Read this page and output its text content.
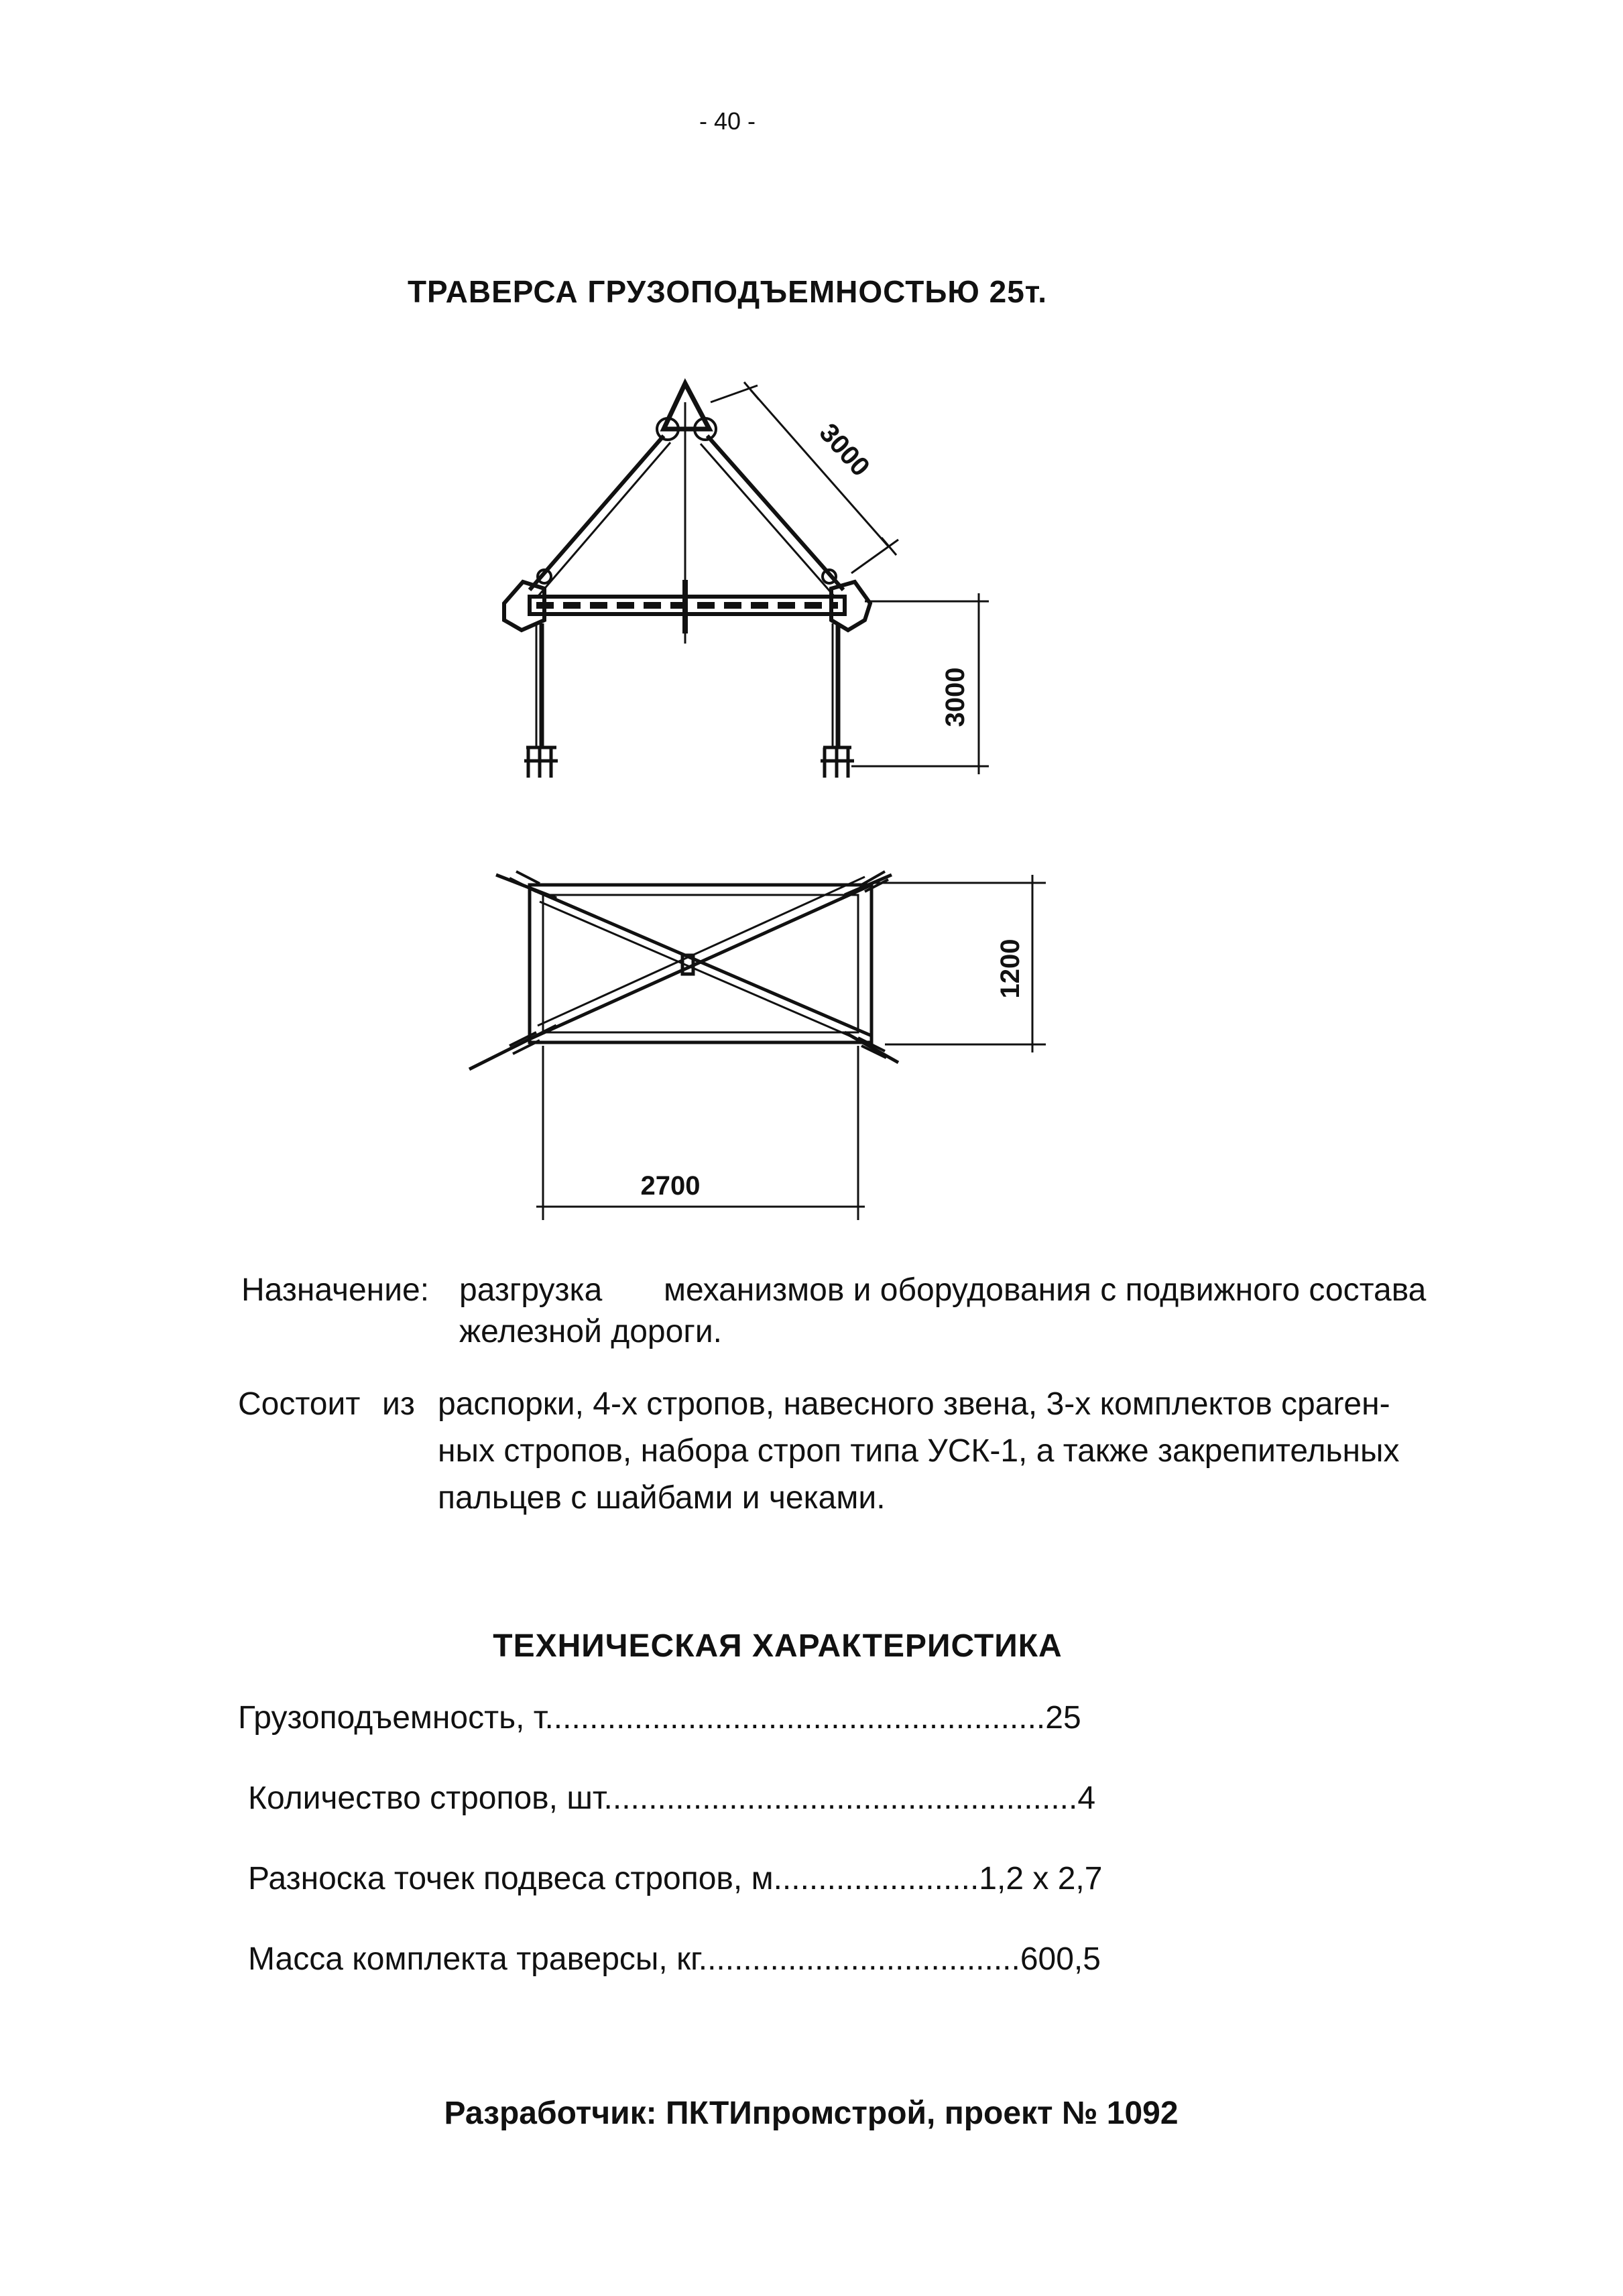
- 40 -
ТРАВЕРСА ГРУЗОПОДЪЕМНОСТЬЮ 25т.
3000
3000
1200
2700
Назначение: разгрузка механизмов и оборудования с подвижного состава
железной дороги.
Состоит из распорки, 4-х стропов, навесного звена, 3-х комплектов сparен-
ных стропов, набора строп типа УСК-1, а также закрепительных
пальцев с шайбами и чеками.
ТЕХНИЧЕСКАЯ ХАРАКТЕРИСТИКА
Грузоподъемность, т........................................................25
Количество стропов, шт.....................................................4
Разноска точек подвеса стропов, м.......................1,2 х 2,7
Масса комплекта траверсы, кг....................................600,5
Разработчик: ПКТИпромстрой, проект № 1092
